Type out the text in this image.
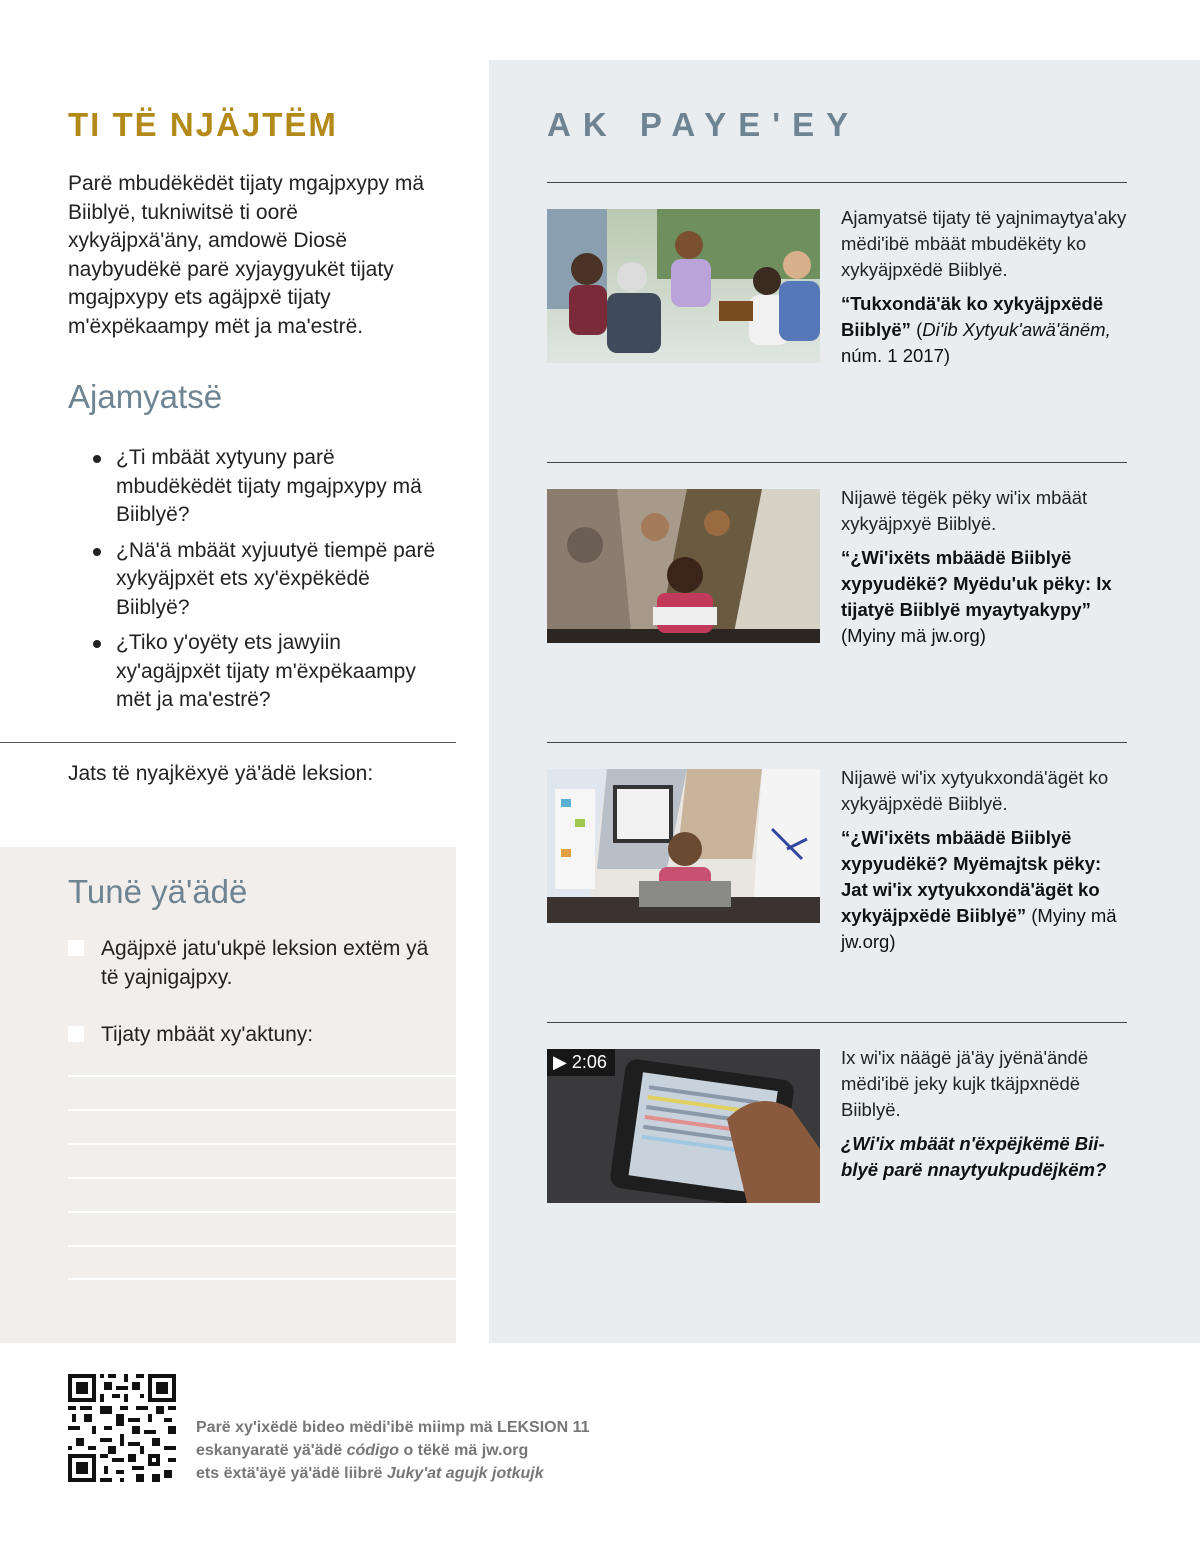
TI TË NJÄJTËM

Parë mbudëkëdët tijaty mgajpxypy mä Biiblyë, tukniwitsë ti oorë xykyäjpxä'äny, amdowë Diosë naybyudëkë parë xyjaygyukët tijaty mgajpxypy ets agäjpxë tijaty m'ëxpëkaampy mët ja ma'estrë.

Ajamyatsë
¿Ti mbäät xytyuny parë mbudëkëdët tijaty mgajpxypy mä Biiblyë?
¿Nä'ä mbäät xyjuutyë tiempë parë xykyäjpxët ets xy'ëxpëkëdë Biiblyë?
¿Tiko y'oyëty ets jawyiin xy'agäjpxët tijaty m'ëxpëkaampy mët ja ma'estrë?

Jats të nyajkëxyë yä'ädë leksion:

Tunë yä'ädë
Agäjpxë jatu'ukpë leksion extëm yä të yajnigajpxy.
Tijaty mbäät xy'aktuny:
AK PAYE'EY

Ajamyatsë tijaty të yajnimaytya'aky mëdi'ibë mbäät mbudëkëty ko xykyäjpxëdë Biiblyë.

“Tukxondä'äk ko xykyäjpxëdë Biiblyë” (Di'ib Xytyuk'awä'änëm, núm. 1 2017)

Nijawë tëgëk pëky wi'ix mbäät xykyäjpxyë Biiblyë.

“¿Wi'ixëts mbäädë Biiblyë xypyudëkë? Myëdu'uk pëky: Ix tijatyë Biiblyë myaytyakypy” (Myiny mä jw.org)

Nijawë wi'ix xytyukxondä'ägët ko xykyäjpxëdë Biiblyë.

“¿Wi'ixëts mbäädë Biiblyë xypyudëkë? Myëmajtsk pëky: Jat wi'ix xytyukxondä'ägët ko xykyäjpxëdë Biiblyë” (Myiny mä jw.org)

▶ 2:06	Ix wi'ix näägë jä'äy jyënä'ändë mëdi'ibë jeky kujk tkäjpxnëdë Biiblyë.

¿Wi'ix mbäät n'ëxpëjkëmë Biiblyë parë nnaytyukpudëjkëm?

Parë xy'ixëdë bideo mëdi'ibë miimp mä LEKSION 11
eskanyaratë yä'ädë código o tëkë mä jw.org
ets ëxtä'äyë yä'ädë liibrë Juky'at agujk jotkujk
